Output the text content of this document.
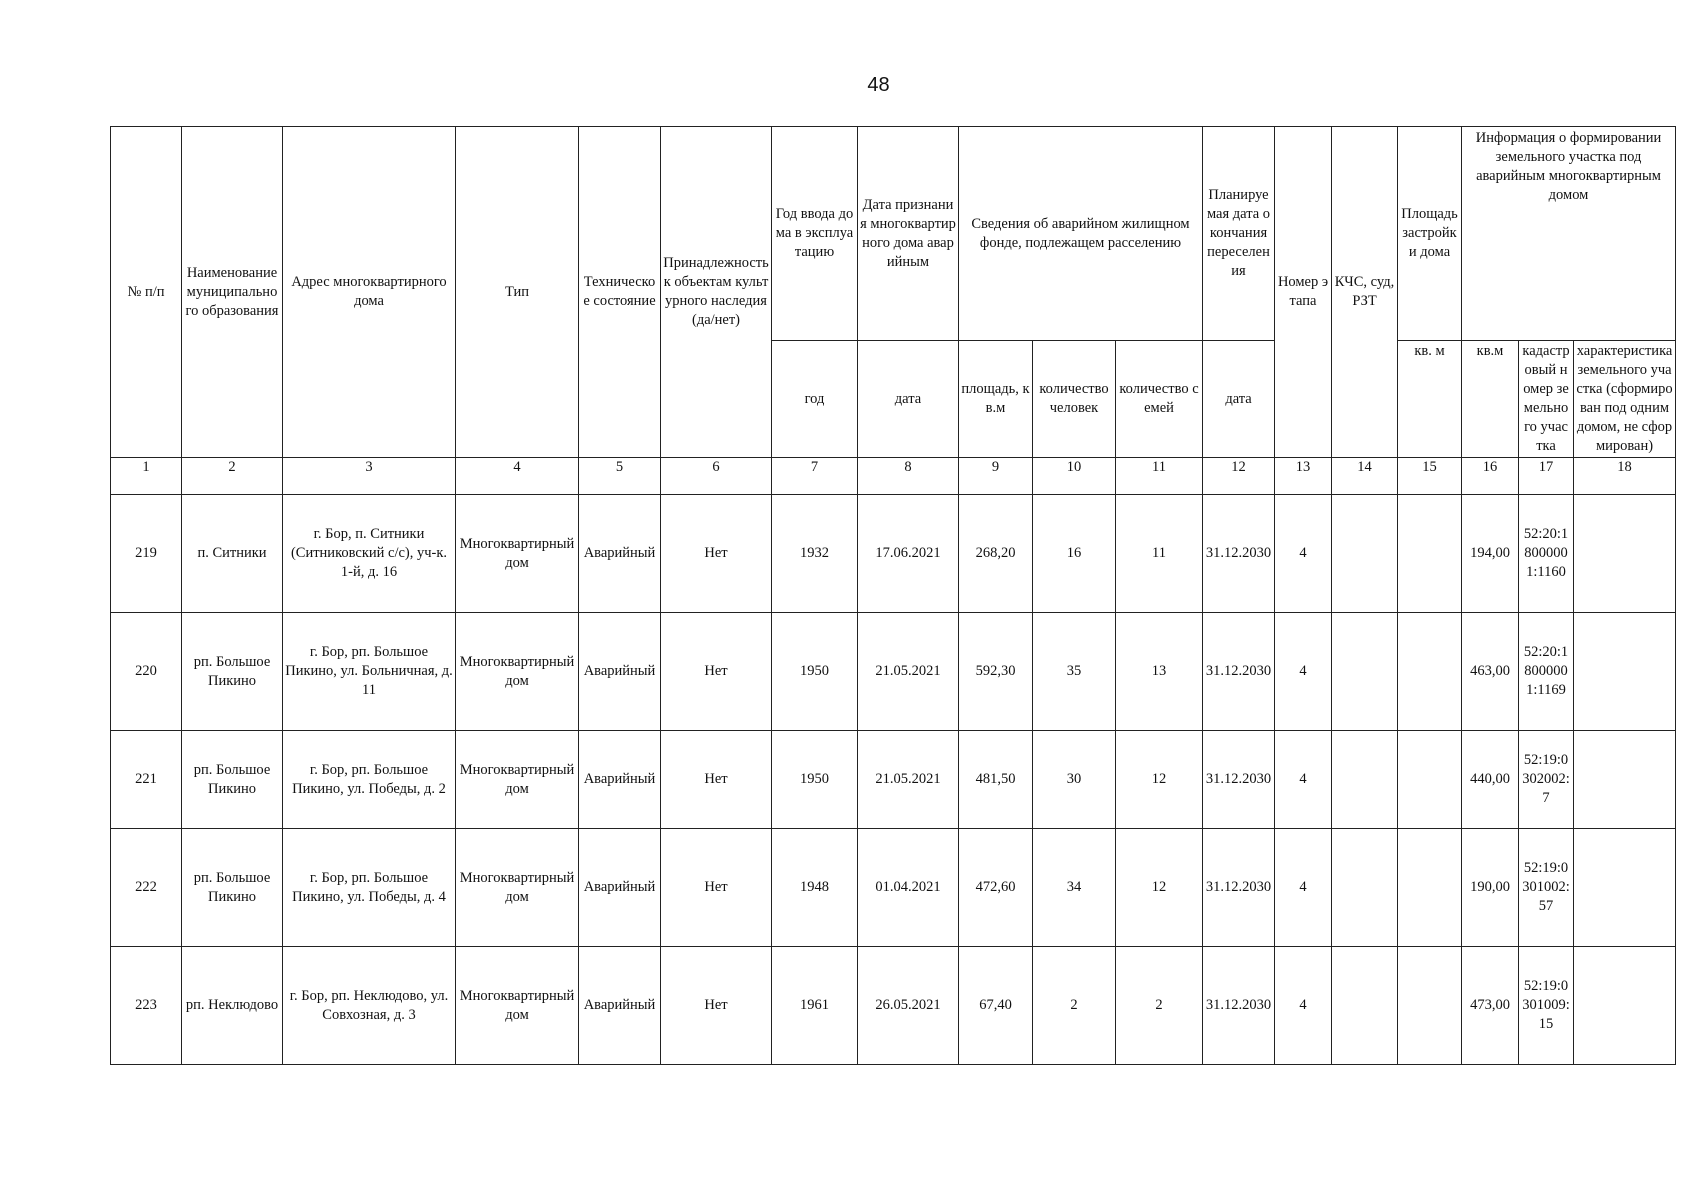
48
№ п/п	Наименование муниципального образования	Адрес многоквартирного дома	Тип	Техническое состояние	Принадлежность к объектам культурного наследия (да/нет)	Год ввода дома в эксплуатацию	Дата признания многоквартирного дома аварийным	Сведения об аварийном жилищном фонде, подлежащем расселению			Планируемая дата окончания переселения	Номер этапа	КЧС, суд, РЗТ	Площадь застройки дома	Информация о формировании земельного участка под аварийным многоквартирным домом		

						год	дата	площадь, кв.м	количество человек	количество семей	дата			кв. м	кв.м	кадастровый номер земельного участка	характеристика земельного участка (сформирован под одним домом, не сформирован)
1	2	3	4	5	6	7	8	9	10	11	12	13	14	15	16	17	18
219	п. Ситники	г. Бор, п. Ситники (Ситниковский с/с), уч-к. 1-й, д. 16	Многоквартирный дом	Аварийный	Нет	1932	17.06.2021	268,20	16	11	31.12.2030	4			194,00	52:20:18000001:1160	
220	рп. Большое Пикино	г. Бор, рп. Большое Пикино, ул. Больничная, д. 11	Многоквартирный дом	Аварийный	Нет	1950	21.05.2021	592,30	35	13	31.12.2030	4			463,00	52:20:18000001:1169	
221	рп. Большое Пикино	г. Бор, рп. Большое Пикино, ул. Победы, д. 2	Многоквартирный дом	Аварийный	Нет	1950	21.05.2021	481,50	30	12	31.12.2030	4			440,00	52:19:0302002:7	
222	рп. Большое Пикино	г. Бор, рп. Большое Пикино, ул. Победы, д. 4	Многоквартирный дом	Аварийный	Нет	1948	01.04.2021	472,60	34	12	31.12.2030	4			190,00	52:19:0301002:57	
223	рп. Неклюдово	г. Бор, рп. Неклюдово, ул. Совхозная, д. 3	Многоквартирный дом	Аварийный	Нет	1961	26.05.2021	67,40	2	2	31.12.2030	4			473,00	52:19:0301009:15	
